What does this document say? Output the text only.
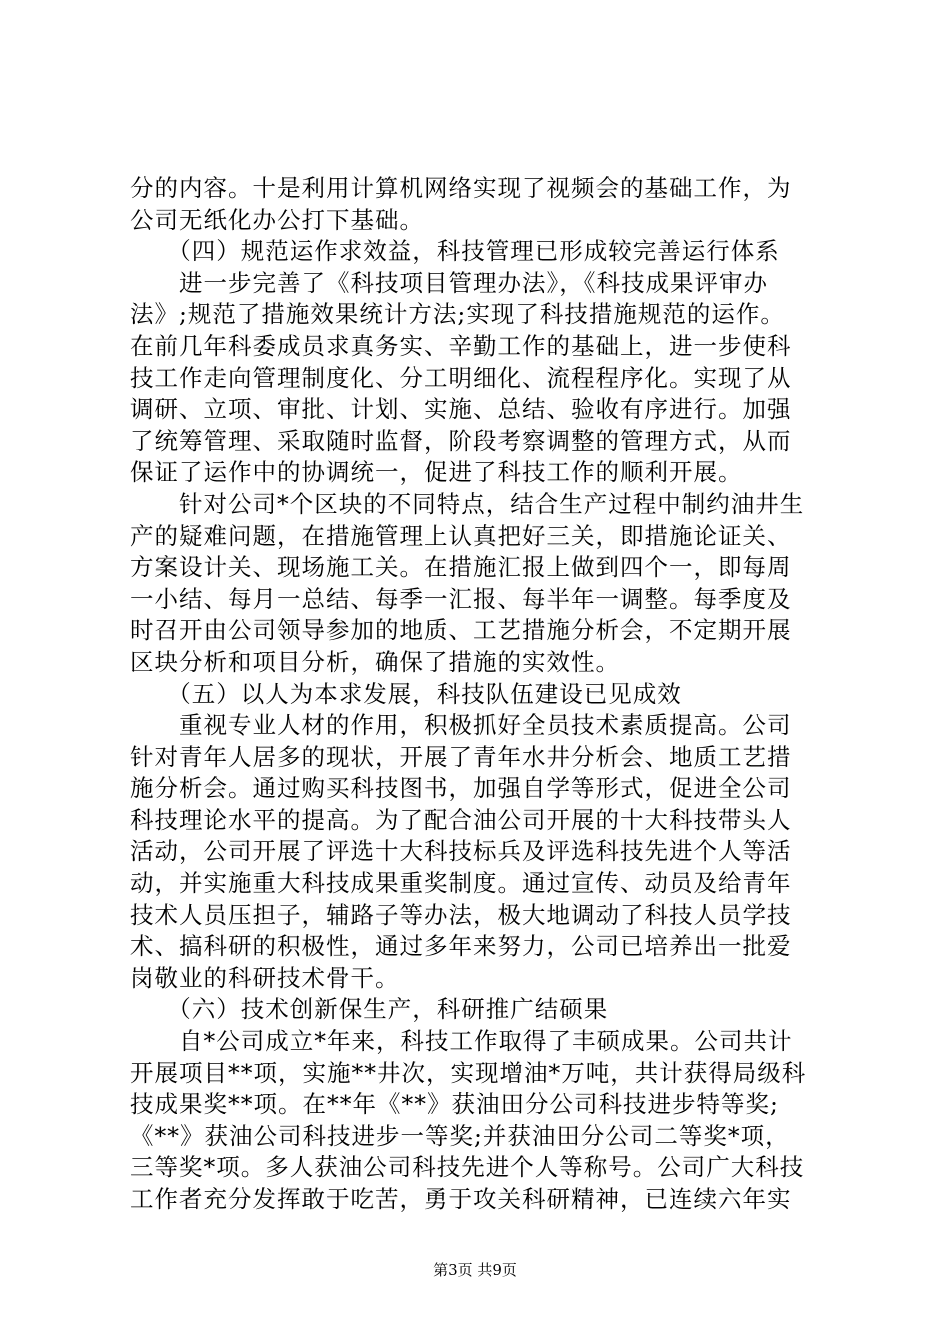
分的内容。十是利用计算机网络实现了视频会的基础工作，为
公司无纸化办公打下基础。
　　（四）规范运作求效益，科技管理已形成较完善运行体系
　　进一步完善了《科技项目管理办法》，《科技成果评审办
法》;规范了措施效果统计方法;实现了科技措施规范的运作。
在前几年科委成员求真务实、辛勤工作的基础上，进一步使科
技工作走向管理制度化、分工明细化、流程程序化。实现了从
调研、立项、审批、计划、实施、总结、验收有序进行。加强
了统筹管理、采取随时监督，阶段考察调整的管理方式，从而
保证了运作中的协调统一，促进了科技工作的顺利开展。
　　针对公司*个区块的不同特点，结合生产过程中制约油井生
产的疑难问题，在措施管理上认真把好三关，即措施论证关、
方案设计关、现场施工关。在措施汇报上做到四个一，即每周
一小结、每月一总结、每季一汇报、每半年一调整。每季度及
时召开由公司领导参加的地质、工艺措施分析会，不定期开展
区块分析和项目分析，确保了措施的实效性。
　　（五）以人为本求发展，科技队伍建设已见成效
　　重视专业人材的作用，积极抓好全员技术素质提高。公司
针对青年人居多的现状，开展了青年水井分析会、地质工艺措
施分析会。通过购买科技图书，加强自学等形式，促进全公司
科技理论水平的提高。为了配合油公司开展的十大科技带头人
活动，公司开展了评选十大科技标兵及评选科技先进个人等活
动，并实施重大科技成果重奖制度。通过宣传、动员及给青年
技术人员压担子，辅路子等办法，极大地调动了科技人员学技
术、搞科研的积极性，通过多年来努力，公司已培养出一批爱
岗敬业的科研技术骨干。
　　（六）技术创新保生产，科研推广结硕果
　　自*公司成立*年来，科技工作取得了丰硕成果。公司共计
开展项目**项，实施**井次，实现增油*万吨，共计获得局级科
技成果奖**项。在**年《**》获油田分公司科技进步特等奖;
《**》获油公司科技进步一等奖;并获油田分公司二等奖*项，
三等奖*项。多人获油公司科技先进个人等称号。公司广大科技
工作者充分发挥敢于吃苦，勇于攻关科研精神，已连续六年实
第3页 共9页
